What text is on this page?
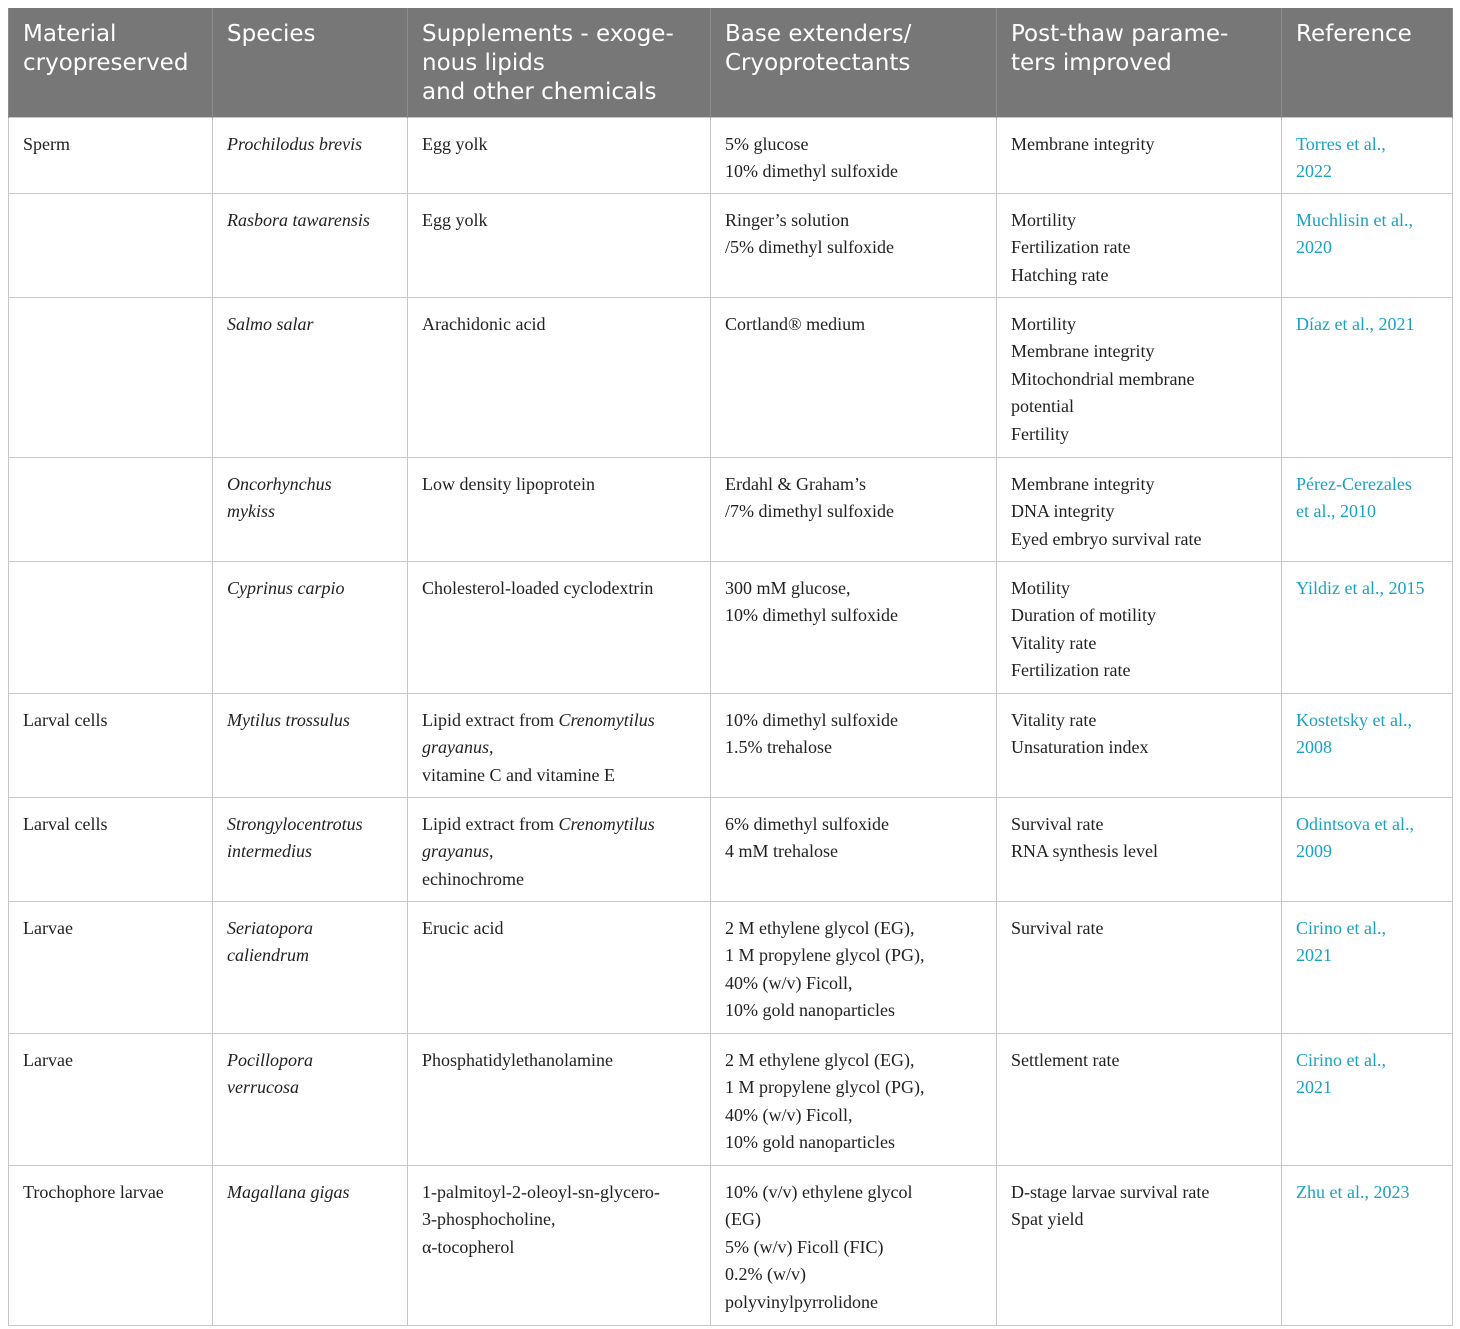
Material
cryopreserved	Species	Supplements - exoge-
nous lipids
and other chemicals	Base extenders/
Cryoprotectants	Post-thaw parame-
ters improved	Reference

Sperm	Prochilodus brevis	Egg yolk	5% glucose
10% dimethyl sulfoxide	Membrane integrity	Torres et al.,
2022

	Rasbora tawarensis	Egg yolk	Ringer’s solution
/5% dimethyl sulfoxide	Mortility
Fertilization rate
Hatching rate	Muchlisin et al.,
2020

	Salmo salar	Arachidonic acid	Cortland® medium	Mortility
Membrane integrity
Mitochondrial membrane
potential
Fertility	Díaz et al., 2021

	Oncorhynchus
mykiss	Low density lipoprotein	Erdahl & Graham’s
/7% dimethyl sulfoxide	Membrane integrity
DNA integrity
Eyed embryo survival rate	Pérez-Cerezales
et al., 2010

	Cyprinus carpio	Cholesterol-loaded cyclodextrin	300 mM glucose,
10% dimethyl sulfoxide	Motility
Duration of motility
Vitality rate
Fertilization rate	Yildiz et al., 2015

Larval cells	Mytilus trossulus	Lipid extract from Crenomytilus
grayanus,
vitamine C and vitamine E	10% dimethyl sulfoxide
1.5% trehalose	Vitality rate
Unsaturation index	Kostetsky et al.,
2008

Larval cells	Strongylocentrotus
intermedius	Lipid extract from Crenomytilus
grayanus,
echinochrome	6% dimethyl sulfoxide
4 mM trehalose	Survival rate
RNA synthesis level	Odintsova et al.,
2009

Larvae	Seriatopora
caliendrum	Erucic acid	2 M ethylene glycol (EG),
1 M propylene glycol (PG),
40% (w/v) Ficoll,
10% gold nanoparticles	Survival rate	Cirino et al.,
2021

Larvae	Pocillopora
verrucosa	Phosphatidylethanolamine	2 M ethylene glycol (EG),
1 M propylene glycol (PG),
40% (w/v) Ficoll,
10% gold nanoparticles	Settlement rate	Cirino et al.,
2021

Trochophore larvae	Magallana gigas	1-palmitoyl-2-oleoyl-sn-glycero-
3-phosphocholine,
α-tocopherol	10% (v/v) ethylene glycol
(EG)
5% (w/v) Ficoll (FIC)
0.2% (w/v)
polyvinylpyrrolidone	D-stage larvae survival rate
Spat yield	Zhu et al., 2023
